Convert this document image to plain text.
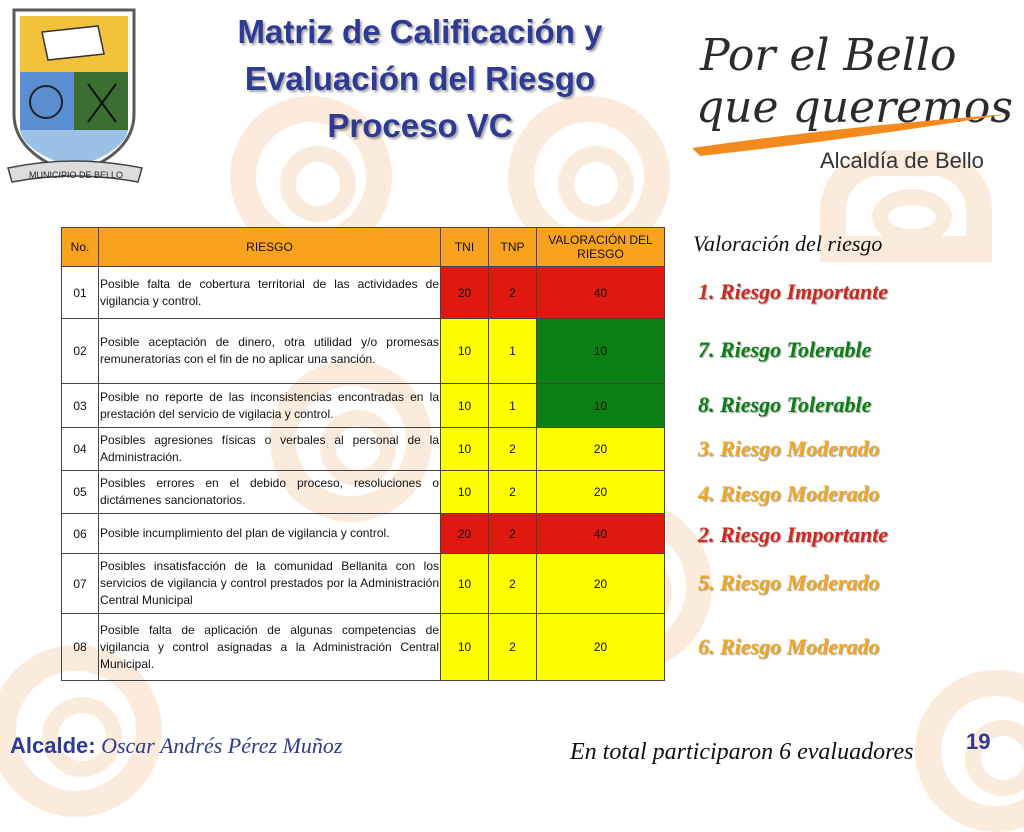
MUNICIPIO DE BELLO
Matriz de Calificación y
Evaluación del Riesgo
Proceso VC
Por el Bello
que queremos
Alcaldía de Bello
No.	RIESGO	TNI	TNP	VALORACIÓN DEL RIESGO
01	Posible falta de cobertura territorial de las actividades de vigilancia y control.	20	2	40
02	Posible aceptación de dinero, otra utilidad y/o promesas remuneratorias con el fin de no aplicar una sanción.	10	1	10
03	Posible no reporte de las inconsistencias encontradas en la prestación del servicio de vigilacia y control.	10	1	10
04	Posibles agresiones físicas o verbales al personal de la Administración.	10	2	20
05	Posibles errores en el debido proceso, resoluciones o dictámenes sancionatorios.	10	2	20
06	Posible incumplimiento del plan de vigilancia y control.	20	2	40
07	Posibles insatisfacción de la comunidad Bellanita con los servicios de vigilancia y control prestados por la Administración Central Municipal	10	2	20
08	Posible falta de aplicación de algunas competencias de vigilancia y control asignadas a la Administración Central Municipal.	10	2	20
Valoración del riesgo
1. Riesgo Importante
7. Riesgo Tolerable
8. Riesgo Tolerable
3. Riesgo Moderado
4. Riesgo Moderado
2. Riesgo Importante
5. Riesgo Moderado
6. Riesgo Moderado
Alcalde: Oscar Andrés Pérez Muñoz	En total participaron 6 evaluadores 19
